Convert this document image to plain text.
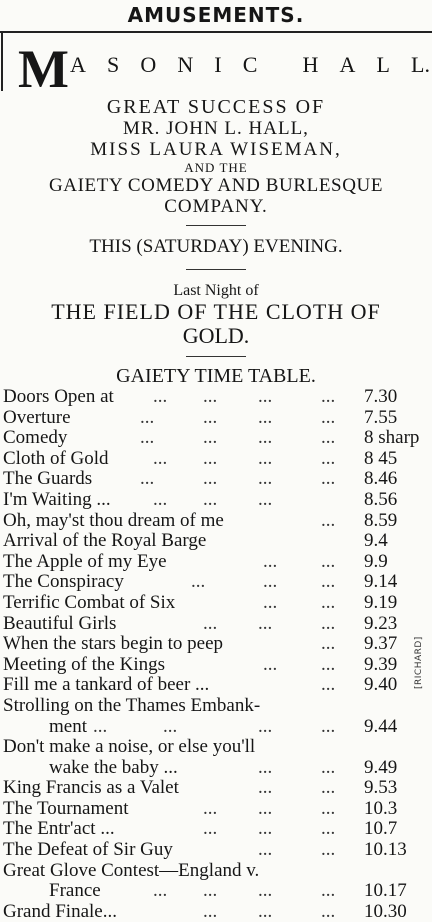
AMUSEMENTS.
M A S O N I C H A L L.
GREAT SUCCESS OF
MR. JOHN L. HALL,
MISS LAURA WISEMAN,
AND THE
GAIETY COMEDY AND BURLESQUE
COMPANY.
THIS (SATURDAY) EVENING.
Last Night of
THE FIELD OF THE CLOTH OF
GOLD.
GAIETY TIME TABLE.
Doors Open at ... ... ...	... 7.30
Overture	...	... ...	... 7.55
Comedy	...	... ...	... 8 sharp
Cloth of Gold ... ... ...	... 8 45
The Guards	...	... ...	... 8.46
I'm Waiting ... ... ... ...	8.56
Oh, may'st thou dream of me	... 8.59
Arrival of the Royal Barge	9.4
The Apple of my Eye	... ... 9.9
The Conspiracy	...	... ... 9.14
Terrific Combat of Six	... ... 9.19
Beautiful Girls	... ...	... 9.23
When the stars begin to peep	... 9.37
Meeting of the Kings	... ... 9.39
Fill me a tankard of beer ...	... 9.40
Strolling on the Thames Embank-
ment ...	...	...	... 9.44
Don't make a noise, or else you'll
wake the baby ...	...	... 9.49
King Francis as a Valet	...	... 9.53
The Tournament	... ...	... 10.3
The Entr'act ...	... ...	... 10.7
The Defeat of Sir Guy	...	... 10.13
Great Glove Contest—England v.
France	... ... ...	... 10.17
Grand Finale...	... ...	... 10.30
[RICHARD]
